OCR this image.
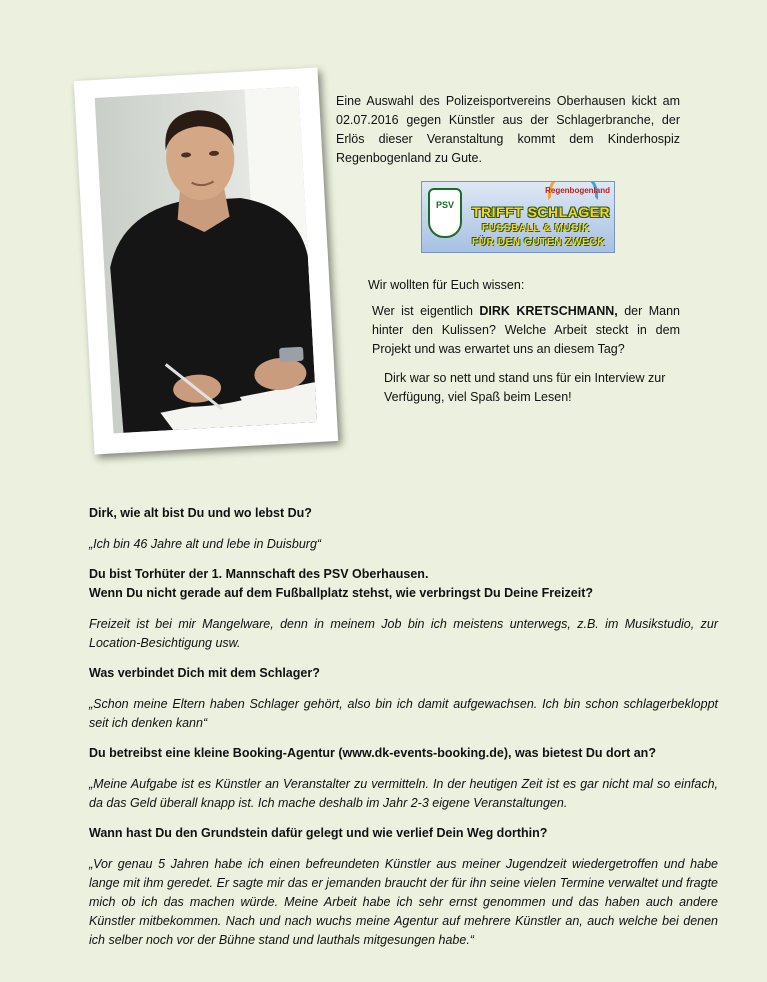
Eine Auswahl des Polizeisportvereins Oberhausen kickt am 02.07.2016 gegen Künstler aus der Schlagerbranche, der Erlös dieser Veranstaltung kommt dem Kinderhospiz Regenbogenland zu Gute.

PSV
Regenbogenland
TRIFFT SCHLAGER
FUSSBALL & MUSIK
FÜR DEN GUTEN ZWECK

Wir wollten für Euch wissen:

Wer ist eigentlich DIRK KRETSCHMANN, der Mann hinter den Kulissen? Welche Arbeit steckt in dem Projekt und was erwartet uns an diesem Tag?

Dirk war so nett und stand uns für ein Interview zur Verfügung, viel Spaß beim Lesen!

Dirk, wie alt bist Du und wo lebst Du?

„Ich bin 46 Jahre alt und lebe in Duisburg“

Du bist Torhüter der 1. Mannschaft des PSV Oberhausen.

Wenn Du nicht gerade auf dem Fußballplatz stehst, wie verbringst Du Deine Freizeit?

Freizeit ist bei mir Mangelware, denn in meinem Job bin ich meistens unterwegs, z.B. im Musikstudio, zur Location-Besichtigung usw.

Was verbindet Dich mit dem Schlager?

„Schon meine Eltern haben Schlager gehört, also bin ich damit aufgewachsen. Ich bin schon schlagerbekloppt seit ich denken kann“

Du betreibst eine kleine Booking-Agentur (www.dk-events-booking.de), was bietest Du dort an?

„Meine Aufgabe ist es Künstler an Veranstalter zu vermitteln. In der heutigen Zeit ist es gar nicht mal so einfach, da das Geld überall knapp ist. Ich mache deshalb im Jahr 2-3 eigene Veranstaltungen.

Wann hast Du den Grundstein dafür gelegt und wie verlief Dein Weg dorthin?

„Vor genau 5 Jahren habe ich einen befreundeten Künstler aus meiner Jugendzeit wiedergetroffen und habe lange mit ihm geredet. Er sagte mir das er jemanden braucht der für ihn seine vielen Termine verwaltet und fragte mich ob ich das machen würde. Meine Arbeit habe ich sehr ernst genommen und das haben auch andere Künstler mitbekommen. Nach und nach wuchs meine Agentur auf mehrere Künstler an, auch welche bei denen ich selber noch vor der Bühne stand und lauthals mitgesungen habe.“
